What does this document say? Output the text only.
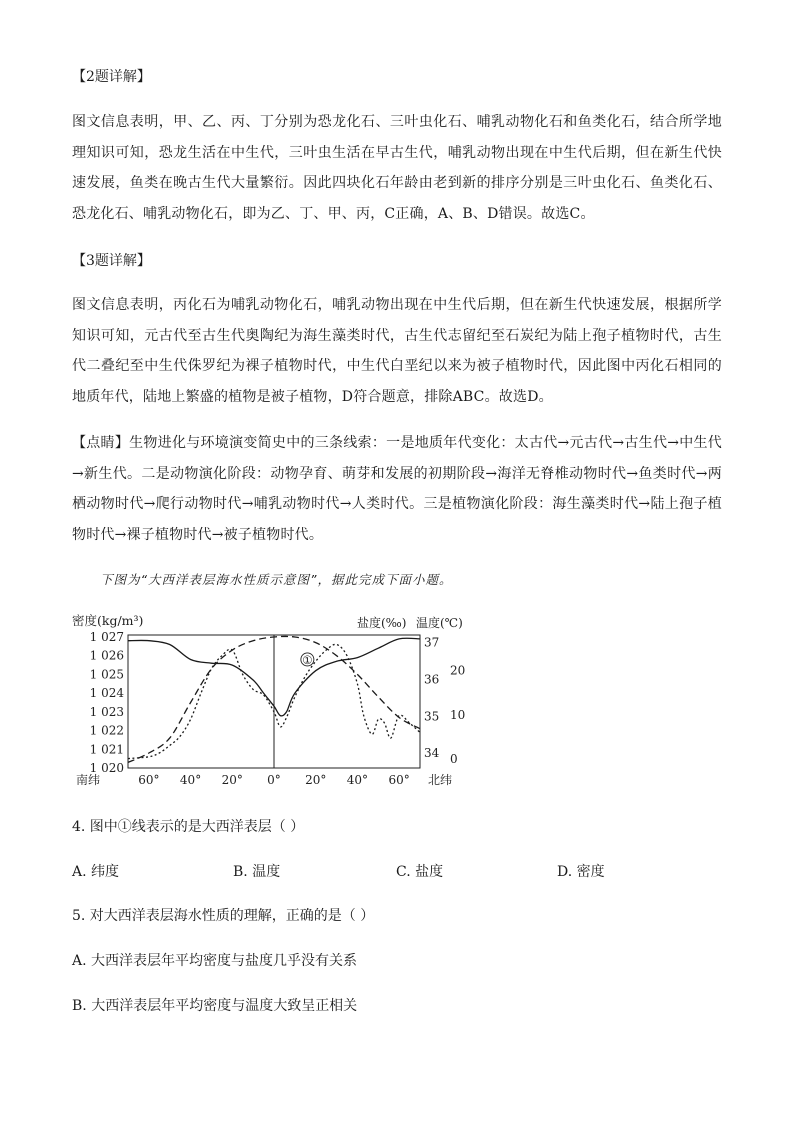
【2题详解】

图文信息表明，甲、乙、丙、丁分别为恐龙化石、三叶虫化石、哺乳动物化石和鱼类化石，结合所学地理知识可知，恐龙生活在中生代，三叶虫生活在早古生代，哺乳动物出现在中生代后期，但在新生代快速发展，鱼类在晚古生代大量繁衍。因此四块化石年龄由老到新的排序分别是三叶虫化石、鱼类化石、恐龙化石、哺乳动物化石，即为乙、丁、甲、丙，C正确，A、B、D错误。故选C。

【3题详解】

图文信息表明，丙化石为哺乳动物化石，哺乳动物出现在中生代后期，但在新生代快速发展，根据所学知识可知，元古代至古生代奥陶纪为海生藻类时代，古生代志留纪至石炭纪为陆上孢子植物时代，古生代二叠纪至中生代侏罗纪为裸子植物时代，中生代白垩纪以来为被子植物时代，因此图中丙化石相同的地质年代，陆地上繁盛的植物是被子植物，D符合题意，排除ABC。故选D。

【点睛】生物进化与环境演变简史中的三条线索：一是地质年代变化：太古代→元古代→古生代→中生代→新生代。二是动物演化阶段：动物孕育、萌芽和发展的初期阶段→海洋无脊椎动物时代→鱼类时代→两栖动物时代→爬行动物时代→哺乳动物时代→人类时代。三是植物演化阶段：海生藻类时代→陆上孢子植物时代→裸子植物时代→被子植物时代。

下图为“大西洋表层海水性质示意图”，据此完成下面小题。
密度(kg/m³)	盐度(‰) 温度(℃)
1 027
1 026
1 025
1 024
1 023
1 022
1 021
1 020
37
36
35
34
20
10
0
南纬	60° 40° 20° 0° 20° 40° 60° 北纬
①

4. 图中①线表示的是大西洋表层（ ）

A. 纬度	B. 温度	C. 盐度	D. 密度

5. 对大西洋表层海水性质的理解，正确的是（ ）

A. 大西洋表层年平均密度与盐度几乎没有关系
B. 大西洋表层年平均密度与温度大致呈正相关
